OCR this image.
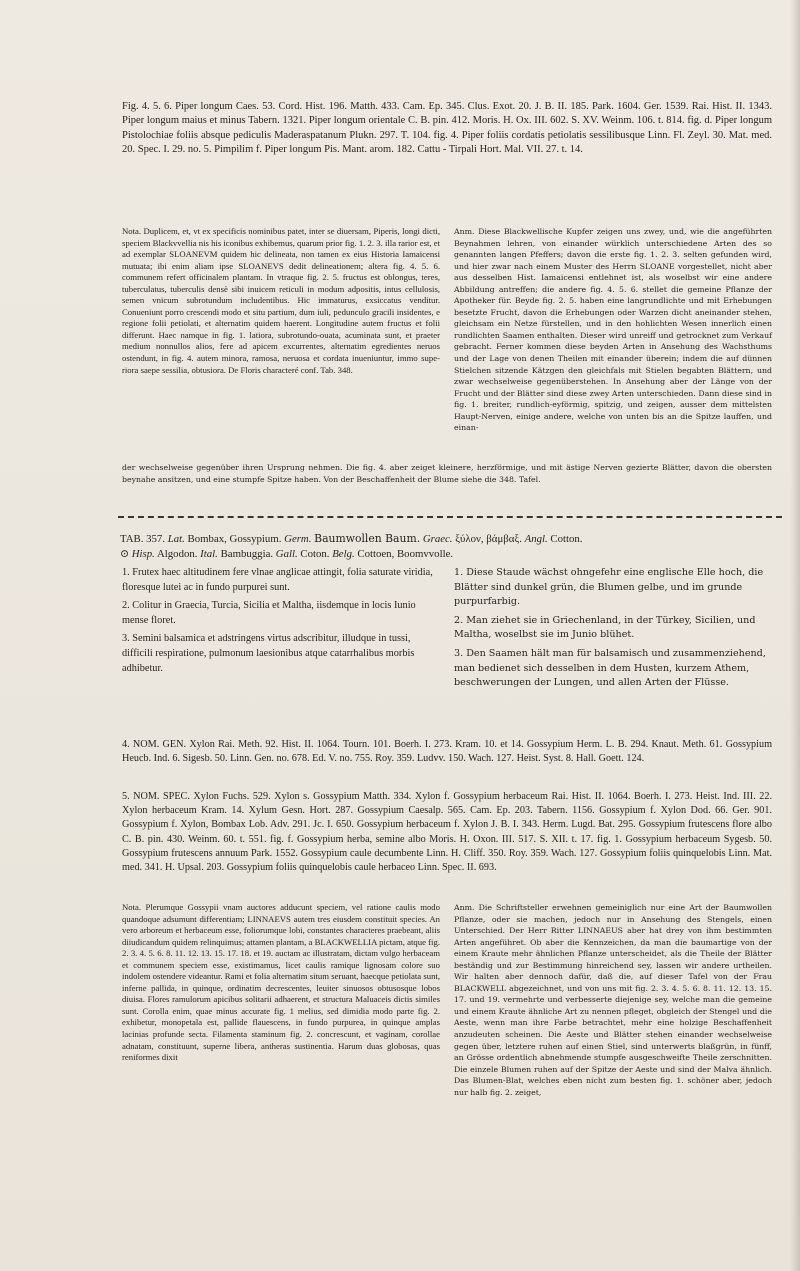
Fig. 4. 5. 6. Piper longum Caes. 53. Cord. Hist. 196. Matth. 433. Cam. Ep. 345. Clus. Exot. 20. J. B. II. 185. Park. 1604. Ger. 1539. Rai. Hist. II. 1343. Piper longum maius et minus Tabern. 1321. Piper longum orientale C. B. pin. 412. Moris. H. Ox. III. 602. S. XV. Weinm. 106. t. 814. fig. d. Piper longum Pistolochiae foliis absque pediculis Maderaspatanum Plukn. 297. T. 104. fig. 4. Piper foliis cordatis petiolatis sessilibusque Linn. Fl. Zeyl. 30. Mat. med. 20. Spec. I. 29. no. 5. Pimpilim f. Piper longum Pis. Mant. arom. 182. Cattu - Tirpali Hort. Mal. VII. 27. t. 14.

Nota. Duplicem, et, vt ex specificis nominibus patet, inter se diuersam, Piperis, longi dicti, speciem Blackvvellia nis his iconibus exhibemus, quarum prior fig. 1. 2. 3. illa rarior est, et ad exemplar SLOANEVM quidem hic delineata, non tamen ex eius Historia Iamaicensi mutuata; ibi enim aliam ipse SLOANEVS dedit delineationem; altera fig. 4. 5. 6. communem refert officinalem plantam. In vtraque fig. 2. 5. fructus est oblongus, teres, tuberculatus, tuberculis densè sibi inuicem reticuli in modum adpositis, intus cellulosis, semen vnicum subrotundum includentibus. Hic immaturus, exsiccatus venditur. Conueniunt porro crescendi modo et situ partium, dum iuli, pedunculo gracili insidentes, e regione folii petiolati, et alternatim quidem haerent. Longitudine autem fructus et folii differunt. Haec namque in fig. 1. latiora, subrotundo-ouata, acuminata sunt, et praeter medium nonnullos alios, fere ad apicem excurrentes, alternatim egredientes neruos ostendunt, in fig. 4. autem minora, ramosa, neruosa et cordata inueniuntur, immo supe-riora saepe sessilia, obtusiora. De Floris characteré conf. Tab. 348.

Anm. Diese Blackwellische Kupfer zeigen uns zwey, und, wie die angeführten Beynahmen lehren, von einander würklich unterschiedene Arten des so genannten langen Pfeffers; davon die erste fig. 1. 2. 3. selten gefunden wird, und hier zwar nach einem Muster des Herrn SLOANE vorgestellet, nicht aber aus desselben Hist. Iamaicensi entlehnet ist, als woselbst wir eine andere Abbildung antreffen; die andere fig. 4. 5. 6. stellet die gemeine Pflanze der Apotheker für. Beyde fig. 2. 5. haben eine langrundlichte und mit Erhebungen besetzte Frucht, davon die Erhebungen oder Warzen dicht aneinander stehen, gleichsam ein Netze fürstellen, und in den hohlichten Wesen innerlich einen rundlichten Saamen enthalten. Dieser wird unreiff und getrocknet zum Verkauf gebracht. Ferner kommen diese beyden Arten in Ansehung des Wachsthums und der Lage von denen Theilen mit einander überein; indem die auf dünnen Stielchen sitzende Kätzgen den gleichfals mit Stielen begabten Blättern, und zwar wechselweise gegenüberstehen. In Ansehung aber der Länge von der Frucht und der Blätter sind diese zwey Arten unterschieden. Dann diese sind in fig. 1. breiter, rundlich-eyförmig, spitzig, und zeigen, ausser dem mittelsten Haupt-Nerven, einige andere, welche von unten bis an die Spitze lauffen, und einan-

der wechselweise gegenüber ihren Ursprung nehmen. Die fig. 4. aber zeiget kleinere, herzförmige, und mit ästige Nerven gezierte Blätter, davon die obersten beynahe ansitzen, und eine stumpfe Spitze haben. Von der Beschaffenheit der Blume siehe die 348. Tafel.

TAB. 357. Lat. Bombax, Gossypium. Germ. Baumwollen Baum. Graec. ξύλον, βάμβαξ. Angl. Cotton.
⊙ Hisp. Algodon. Ital. Bambuggia. Gall. Coton. Belg. Cottoen, Boomvvolle.

1. Frutex haec altitudinem fere vlnae anglicae attingit, folia saturate viridia, floresque lutei ac in fundo purpurei sunt.

2. Colitur in Graecia, Turcia, Sicilia et Maltha, iisdemque in locis Iunio mense floret.

3. Semini balsamica et adstringens virtus adscribitur, illudque in tussi, difficili respiratione, pulmonum laesionibus atque catarrhalibus morbis adhibetur.

1. Diese Staude wächst ohngefehr eine englische Elle hoch, die Blätter sind dunkel grün, die Blumen gelbe, und im grunde purpurfarbig.

2. Man ziehet sie in Griechenland, in der Türkey, Sicilien, und Maltha, woselbst sie im Junio blühet.

3. Den Saamen hält man für balsamisch und zusammenziehend, man bedienet sich desselben in dem Husten, kurzem Athem, beschwerungen der Lungen, und allen Arten der Flüsse.

4. NOM. GEN. Xylon Rai. Meth. 92. Hist. II. 1064. Tourn. 101. Boerh. I. 273. Kram. 10. et 14. Gossypium Herm. L. B. 294. Knaut. Meth. 61. Gossypium Heucb. Ind. 6. Sigesb. 50. Linn. Gen. no. 678. Ed. V. no. 755. Roy. 359. Ludvv. 150. Wach. 127. Heist. Syst. 8. Hall. Goett. 124.

5. NOM. SPEC. Xylon Fuchs. 529. Xylon s. Gossypium Matth. 334. Xylon f. Gossypium herbaceum Rai. Hist. II. 1064. Boerh. I. 273. Heist. Ind. III. 22. Xylon herbaceum Kram. 14. Xylum Gesn. Hort. 287. Gossypium Caesalp. 565. Cam. Ep. 203. Tabern. 1156. Gossypium f. Xylon Dod. 66. Ger. 901. Gossypium f. Xylon, Bombax Lob. Adv. 291. Jc. I. 650. Gossypium herbaceum f. Xylon J. B. I. 343. Herm. Lugd. Bat. 295. Gossypium frutescens flore albo C. B. pin. 430. Weinm. 60. t. 551. fig. f. Gossypium herba, semine albo Moris. H. Oxon. III. 517. S. XII. t. 17. fig. 1. Gossypium herbaceum Sygesb. 50. Gossypium frutescens annuum Park. 1552. Gossypium caule decumbente Linn. H. Cliff. 350. Roy. 359. Wach. 127. Gossypium foliis quinquelobis Linn. Mat. med. 341. H. Upsal. 203. Gossypium foliis quinquelobis caule herbaceo Linn. Spec. II. 693.

Nota. Plerumque Gossypii vnam auctores adducunt speciem, vel ratione caulis modo quandoque adsumunt differentiam; LINNAEVS autem tres eiusdem constituit species. An vero arboreum et herbaceum esse, foliorumque lobi, constantes characteres praebeant, aliis diiudicandum quidem relinquimus; attamen plantam, a BLACKWELLIA pictam, atque fig. 2. 3. 4. 5. 6. 8. 11. 12. 13. 15. 17. 18. et 19. auctam ac illustratam, dictam vulgo herbaceam et communem speciem esse, existimamus, licet caulis ramique lignosam colore suo indolem ostendere videantur. Rami et folia alternatim situm seruant, haecque petiolata sunt, inferne pallida, in quinque, ordinatim decrescentes, leuiter sinuosos obtusosque lobos diuisa. Flores ramulorum apicibus solitarii adhaerent, et structura Maluaceis dictis similes sunt. Corolla enim, quae minus accurate fig. 1 melius, sed dimidia modo parte fig. 2. exhibetur, monopetala est, pallide flauescens, in fundo purpurea, in quinque amplas lacinias profunde secta. Filamenta staminum fig. 2. concrescunt, et vaginam, corollae adnatam, constituunt, superne libera, antheras sustinentia. Harum duas globosas, quas reniformes dixit

Anm. Die Schriftsteller erwehnen gemeiniglich nur eine Art der Baumwollen Pflanze, oder sie machen, jedoch nur in Ansehung des Stengels, einen Unterschied. Der Herr Ritter LINNAEUS aber hat drey von ihm bestimmten Arten angeführet. Ob aber die Kennzeichen, da man die baumartige von der einem Kraute mehr ähnlichen Pflanze unterscheidet, als die Theile der Blätter beständig und zur Bestimmung hinreichend sey, lassen wir andere urtheilen. Wir halten aber dennoch dafür, daß die, auf dieser Tafel von der Frau BLACKWELL abgezeichnet, und von uns mit fig. 2. 3. 4. 5. 6. 8. 11. 12. 13. 15. 17. und 19. vermehrte und verbesserte diejenige sey, welche man die gemeine und einem Kraute ähnliche Art zu nennen pfleget, obgleich der Stengel und die Aeste, wenn man ihre Farbe betrachtet, mehr eine holzige Beschaffenheit anzudeuten scheinen. Die Aeste und Blätter stehen einander wechselweise gegen über, letztere ruhen auf einen Stiel, sind unterwerts blaßgrün, in fünff, an Grösse ordentlich abnehmende stumpfe ausgeschweifte Theile zerschnitten. Die einzele Blumen ruhen auf der Spitze der Aeste und sind der Malva ähnlich. Das Blumen-Blat, welches eben nicht zum besten fig. 1. schöner aber, jedoch nur halb fig. 2. zeiget,
